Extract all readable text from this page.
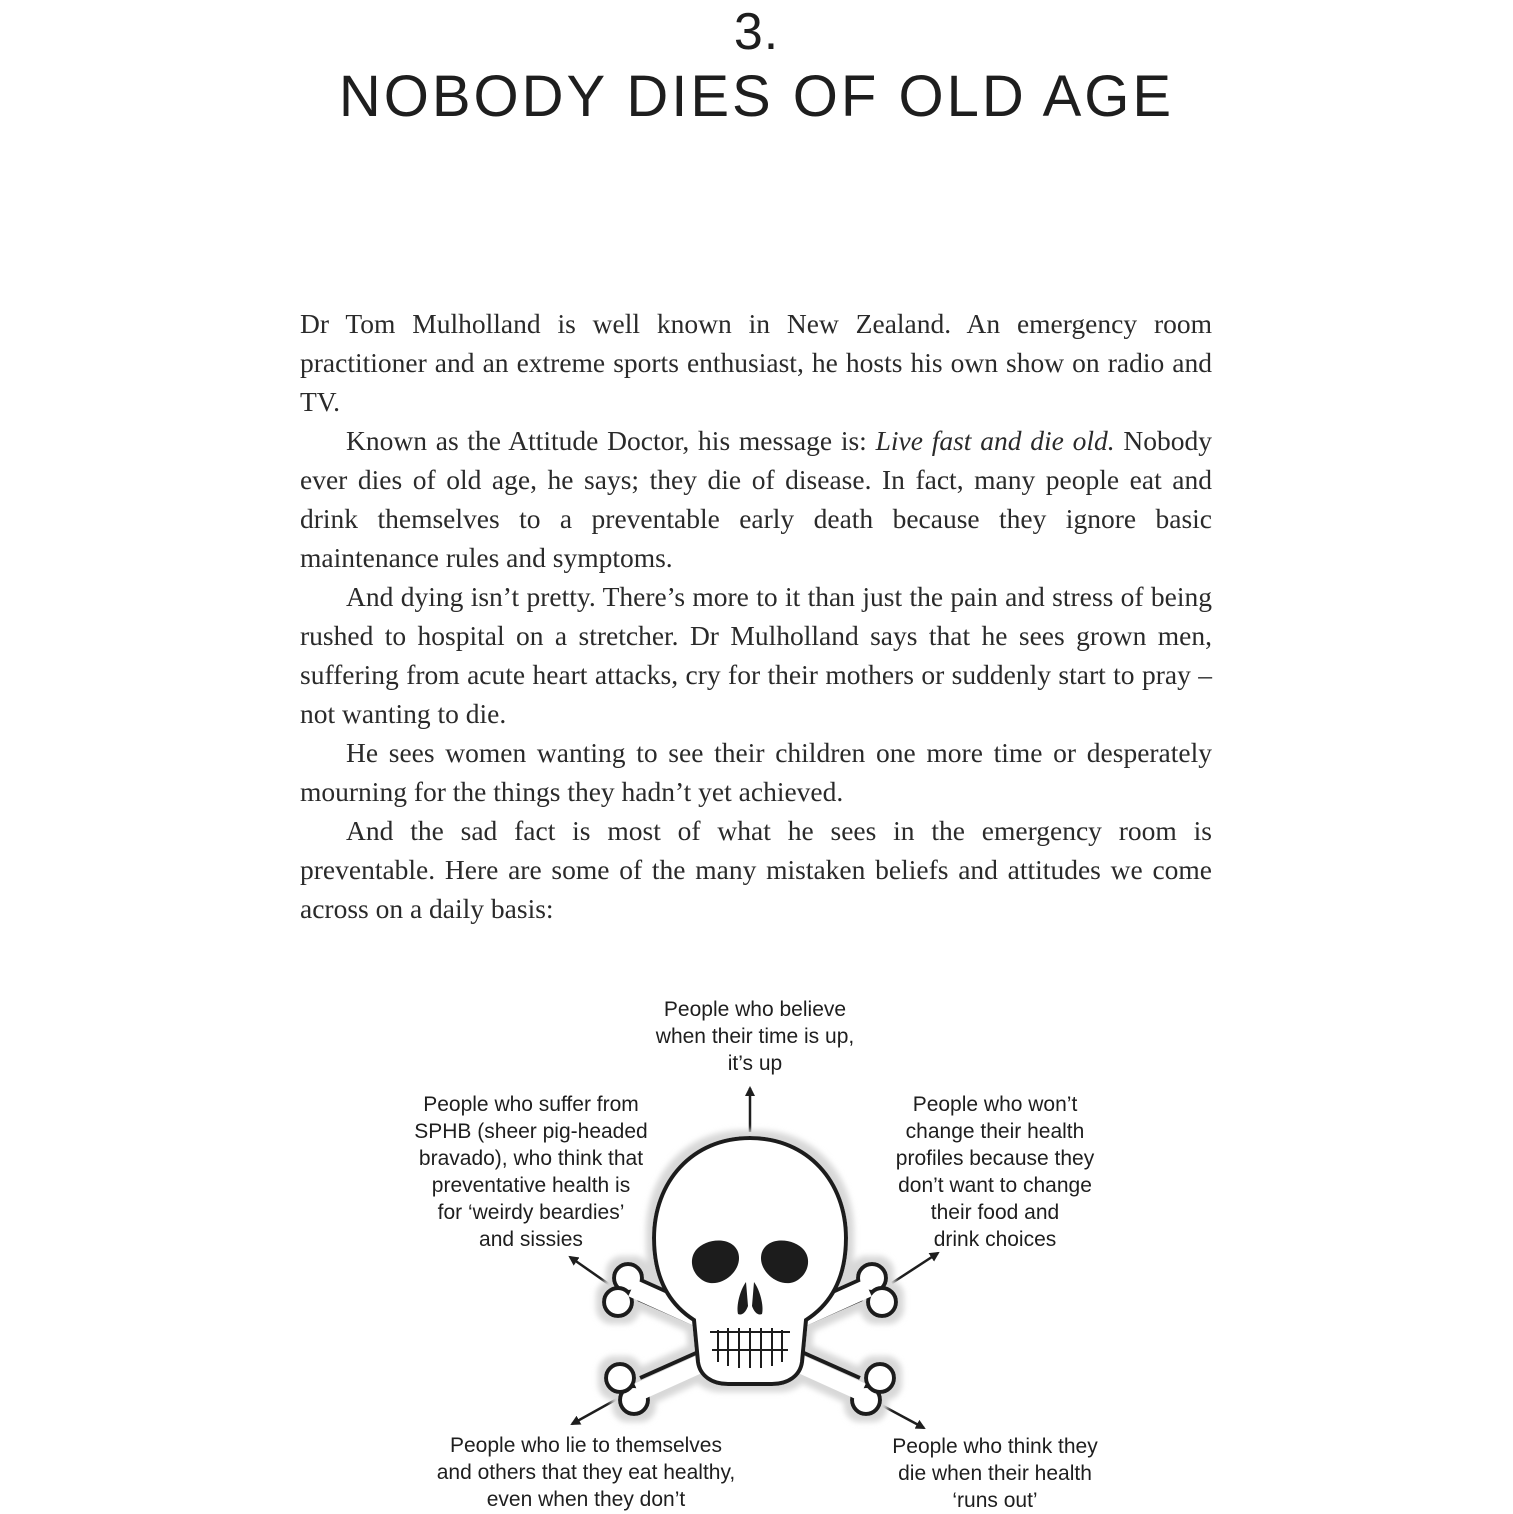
3.
NOBODY DIES OF OLD AGE

Dr Tom Mulholland is well known in New Zealand. An emergency room practitioner and an extreme sports enthusiast, he hosts his own show on radio and TV.

Known as the Attitude Doctor, his message is: Live fast and die old. Nobody ever dies of old age, he says; they die of disease. In fact, many people eat and drink themselves to a preventable early death because they ignore basic maintenance rules and symptoms.

And dying isn’t pretty. There’s more to it than just the pain and stress of being rushed to hospital on a stretcher. Dr Mulholland says that he sees grown men, suffering from acute heart attacks, cry for their mothers or suddenly start to pray – not wanting to die.

He sees women wanting to see their children one more time or desperately mourning for the things they hadn’t yet achieved.

And the sad fact is most of what he sees in the emergency room is preventable. Here are some of the many mistaken beliefs and attitudes we come across on a daily basis:

People who believe
when their time is up,
it’s up
People who suffer from
SPHB (sheer pig-headed
bravado), who think that
preventative health is
for ‘weirdy beardies’
and sissies
People who won’t
change their health
profiles because they
don’t want to change
their food and
drink choices
People who lie to themselves
and others that they eat healthy,
even when they don’t
People who think they
die when their health
‘runs out’
